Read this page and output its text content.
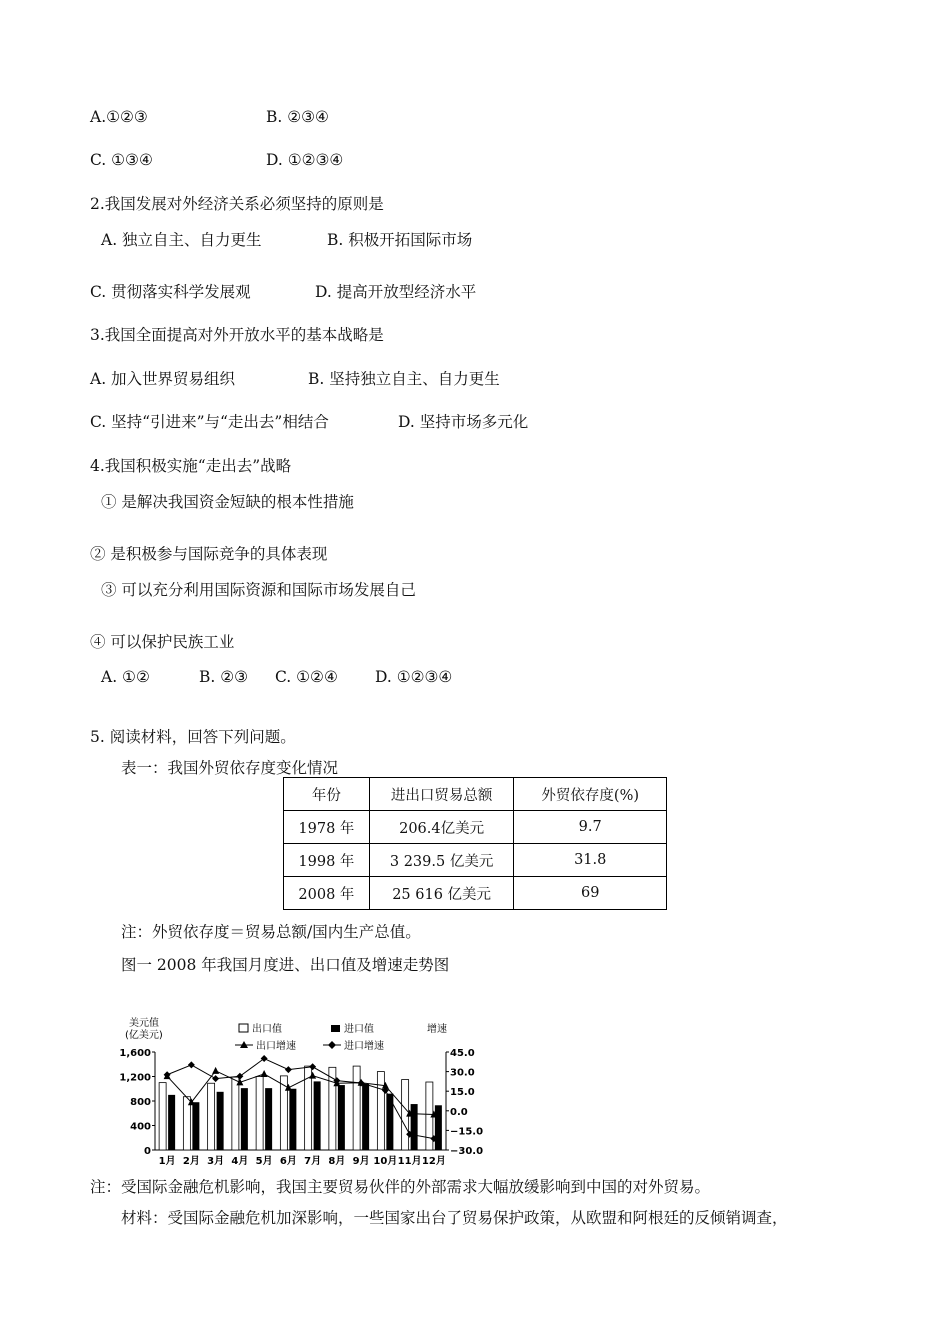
A.①②③	B. ②③④
C. ①③④	D. ①②③④
2.我国发展对外经济关系必须坚持的原则是
A. 独立自主、自力更生	B. 积极开拓国际市场
C. 贯彻落实科学发展观	D. 提高开放型经济水平
3.我国全面提高对外开放水平的基本战略是
A. 加入世界贸易组织	B. 坚持独立自主、自力更生
C. 坚持“引进来”与“走出去”相结合	D. 坚持市场多元化
4.我国积极实施“走出去”战略
① 是解决我国资金短缺的根本性措施
② 是积极参与国际竞争的具体表现
③ 可以充分利用国际资源和国际市场发展自己
④ 可以保护民族工业
A. ①②	B. ②③ C. ①②④ D. ①②③④
5. 阅读材料，回答下列问题。
表一：我国外贸依存度变化情况
年份	进出口贸易总额	外贸依存度(%)
1978 年	206.4亿美元	9.7
1998 年	3 239.5 亿美元	31.8
2008 年	25 616 亿美元	69
注：外贸依存度＝贸易总额/国内生产总值。
图一 2008 年我国月度进、出口值及增速走势图
美元值
(亿美元)
增速
出口值	进口值
出口增速	进口增速
1,600
1,200
800
400
0
45.0
30.0
15.0
0.0
−15.0
−30.0
1月 2月 3月 4月 5月 6月 7月 8月 9月 10月 11月 12月
注：受国际金融危机影响，我国主要贸易伙伴的外部需求大幅放缓影响到中国的对外贸易。
材料：受国际金融危机加深影响，一些国家出台了贸易保护政策，从欧盟和阿根廷的反倾销调查，
